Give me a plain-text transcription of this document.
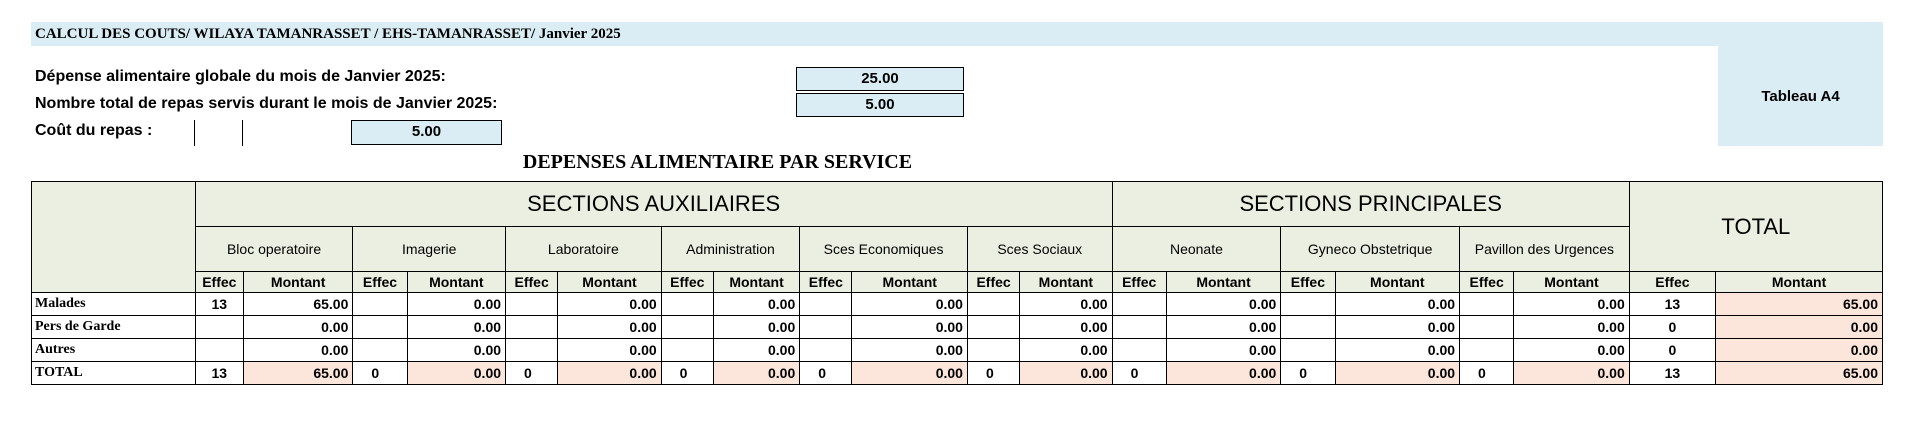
CALCUL DES COUTS/ WILAYA TAMANRASSET / EHS-TAMANRASSET/ Janvier 2025
Tableau A4
Dépense alimentaire globale du mois de Janvier 2025:	25.00
Nombre total de repas servis durant le mois de Janvier 2025:	5.00
Coût du repas :	5.00
DEPENSES ALIMENTAIRE PAR SERVICE
	SECTIONS AUXILIAIRES												SECTIONS PRINCIPALES						TOTAL	
	Bloc operatoire		Imagerie		Laboratoire		Administration		Sces Economiques		Sces Sociaux		Neonate		Gyneco Obstetrique		Pavillon des Urgences			
	Effec	Montant	Effec	Montant	Effec	Montant	Effec	Montant	Effec	Montant	Effec	Montant	Effec	Montant	Effec	Montant	Effec	Montant	Effec	Montant
Malades	13	65.00		0.00		0.00		0.00		0.00		0.00		0.00		0.00		0.00	13	65.00
Pers de Garde		0.00		0.00		0.00		0.00		0.00		0.00		0.00		0.00		0.00	0	0.00
Autres		0.00		0.00		0.00		0.00		0.00		0.00		0.00		0.00		0.00	0	0.00
TOTAL	13	65.00	0	0.00	0	0.00	0	0.00	0	0.00	0	0.00	0	0.00	0	0.00	0	0.00	13	65.00
